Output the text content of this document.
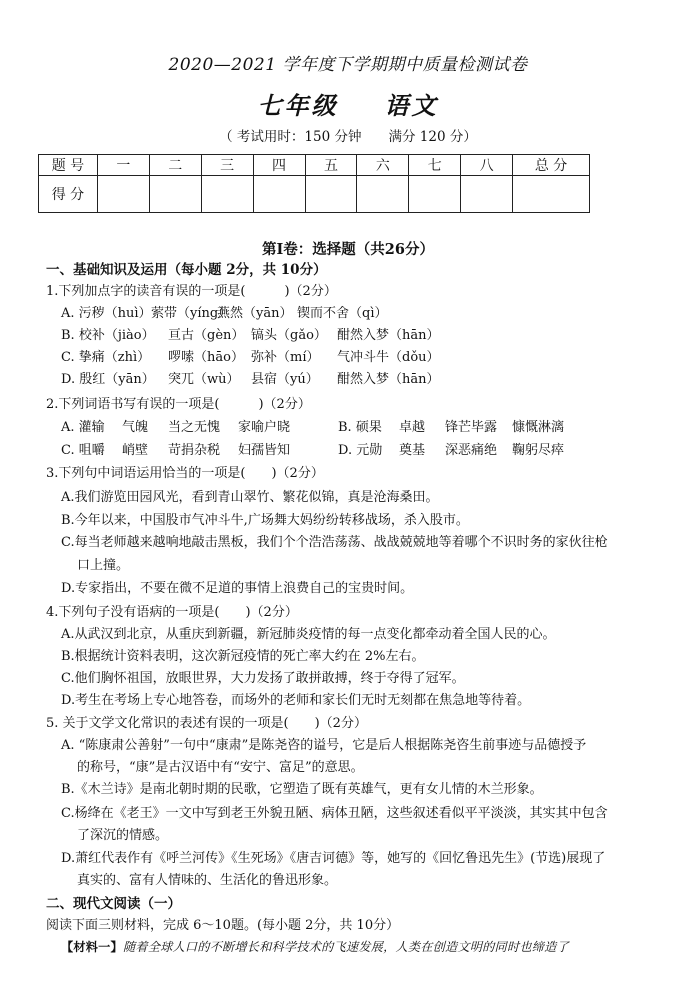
2020—2021 学年度下学期期中质量检测试卷
七年级 语文
（ 考试用时：150 分钟　　满分 120 分）
题 号	一	二	三	四	五	六	七	八	总 分
得 分									
第Ⅰ卷：选择题（共26分）
一、基础知识及运用（每小题 2分，共 10分）
1.下列加点字的读音有误的一项是(　　　)（2分）
A. 污秽（huì） 萦带（yíng）
燕然（yān） 锲而不舍（qì）
B. 校补（jiào） 亘古（gèn） 镐头（gǎo） 酣然入梦（hān）
C. 挚痛（zhì） 啰嗦（hāo） 弥补（mí） 气冲斗牛（dǒu）
D. 殷红（yān） 突兀（wù） 县宿（yú） 酣然入梦（hān）
2.下列词语书写有误的一项是(　　　)（2分）
A. 灌输 气魄 当之无愧 家喻户晓	B. 硕果 卓越 锋芒毕露 慷慨淋漓
C. 咀嚼 峭壁 苛捐杂税 妇孺皆知	D. 元勋 奠基 深恶痛绝 鞠躬尽瘁
3.下列句中词语运用恰当的一项是(　　)（2分）
A.我们游览田园风光，看到青山翠竹、繁花似锦，真是沧海桑田。
B.今年以来，中国股市气冲斗牛,广场舞大妈纷纷转移战场，杀入股市。
C.每当老师越来越响地敲击黑板，我们个个浩浩荡荡、战战兢兢地等着哪个不识时务的家伙往枪
口上撞。
D.专家指出，不要在微不足道的事情上浪费自己的宝贵时间。
4.下列句子没有语病的一项是(　　)（2分）
A.从武汉到北京，从重庆到新疆，新冠肺炎疫情的每一点变化都牵动着全国人民的心。
B.根据统计资料表明，这次新冠疫情的死亡率大约在 2%左右。
C.他们胸怀祖国，放眼世界，大力发扬了敢拼敢搏，终于夺得了冠军。
D.考生在考场上专心地答卷，而场外的老师和家长们无时无刻都在焦急地等待着。
5. 关于文学文化常识的表述有误的一项是(　　)（2分）
A. “陈康肃公善射”一句中“康肃”是陈尧咨的谥号，它是后人根据陈尧咨生前事迹与品德授予
的称号，“康”是古汉语中有“安宁、富足”的意思。
B.《木兰诗》是南北朝时期的民歌，它塑造了既有英雄气，更有女儿情的木兰形象。
C.杨绛在《老王》一文中写到老王外貌丑陋、病体丑陋，这些叙述看似平平淡淡，其实其中包含
了深沉的情感。
D.萧红代表作有《呼兰河传》《生死场》《唐吉诃德》等，她写的《回忆鲁迅先生》(节选)展现了
真实的、富有人情味的、生活化的鲁迅形象。
二、现代文阅读（一）
阅读下面三则材料，完成 6～10题。(每小题 2分，共 10分）
【材料一】随着全球人口的不断增长和科学技术的飞速发展，人类在创造文明的同时也缔造了
